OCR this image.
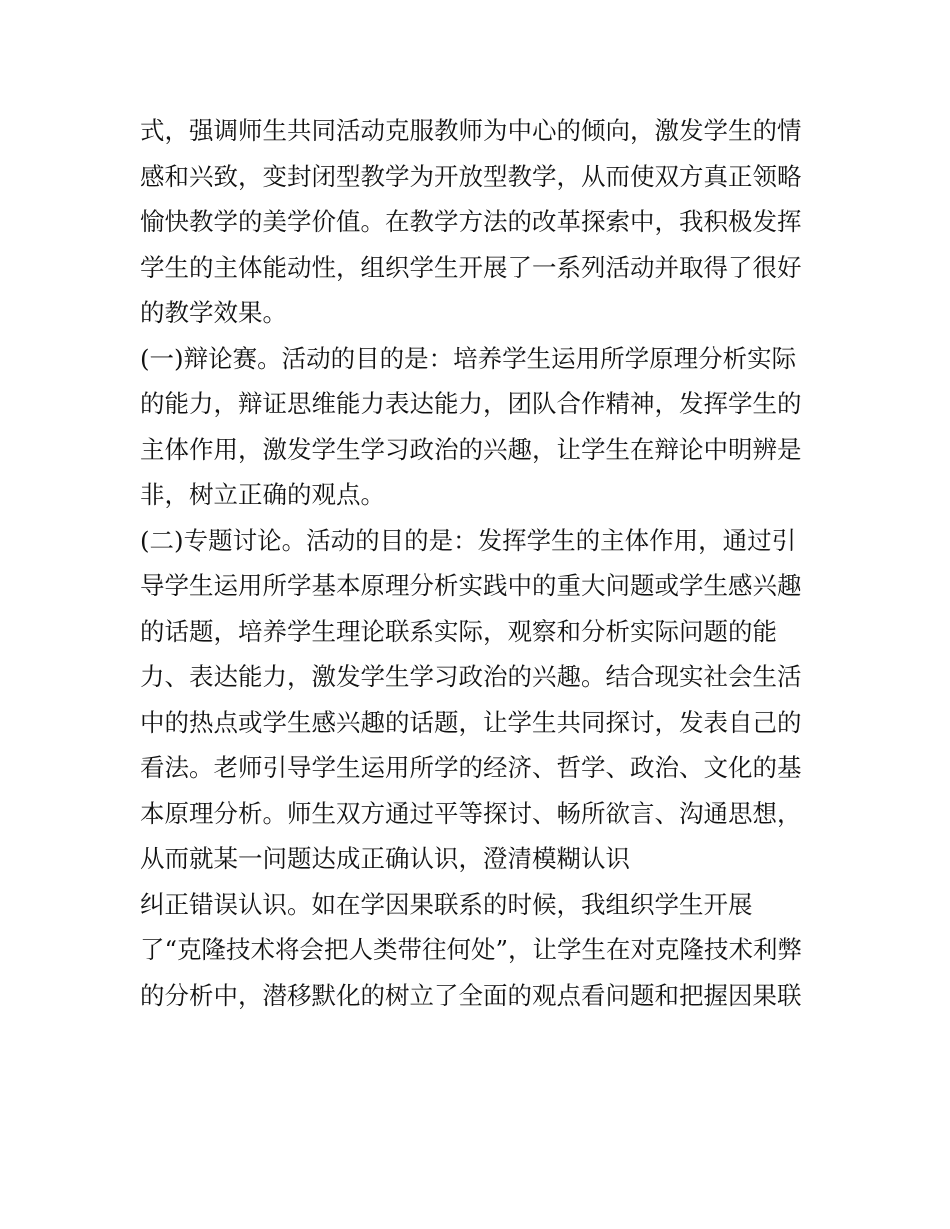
式，强调师生共同活动克服教师为中心的倾向，激发学生的情
感和兴致，变封闭型教学为开放型教学，从而使双方真正领略
愉快教学的美学价值。在教学方法的改革探索中，我积极发挥
学生的主体能动性，组织学生开展了一系列活动并取得了很好
的教学效果。
(一)辩论赛。活动的目的是：培养学生运用所学原理分析实际
的能力，辩证思维能力表达能力，团队合作精神，发挥学生的
主体作用，激发学生学习政治的兴趣，让学生在辩论中明辨是
非，树立正确的观点。
(二)专题讨论。活动的目的是：发挥学生的主体作用，通过引
导学生运用所学基本原理分析实践中的重大问题或学生感兴趣
的话题，培养学生理论联系实际，观察和分析实际问题的能
力、表达能力，激发学生学习政治的兴趣。结合现实社会生活
中的热点或学生感兴趣的话题，让学生共同探讨，发表自己的
看法。老师引导学生运用所学的经济、哲学、政治、文化的基
本原理分析。师生双方通过平等探讨、畅所欲言、沟通思想，
从而就某一问题达成正确认识，澄清模糊认识
纠正错误认识。如在学因果联系的时候，我组织学生开展
了“克隆技术将会把人类带往何处”，让学生在对克隆技术利弊
的分析中，潜移默化的树立了全面的观点看问题和把握因果联
